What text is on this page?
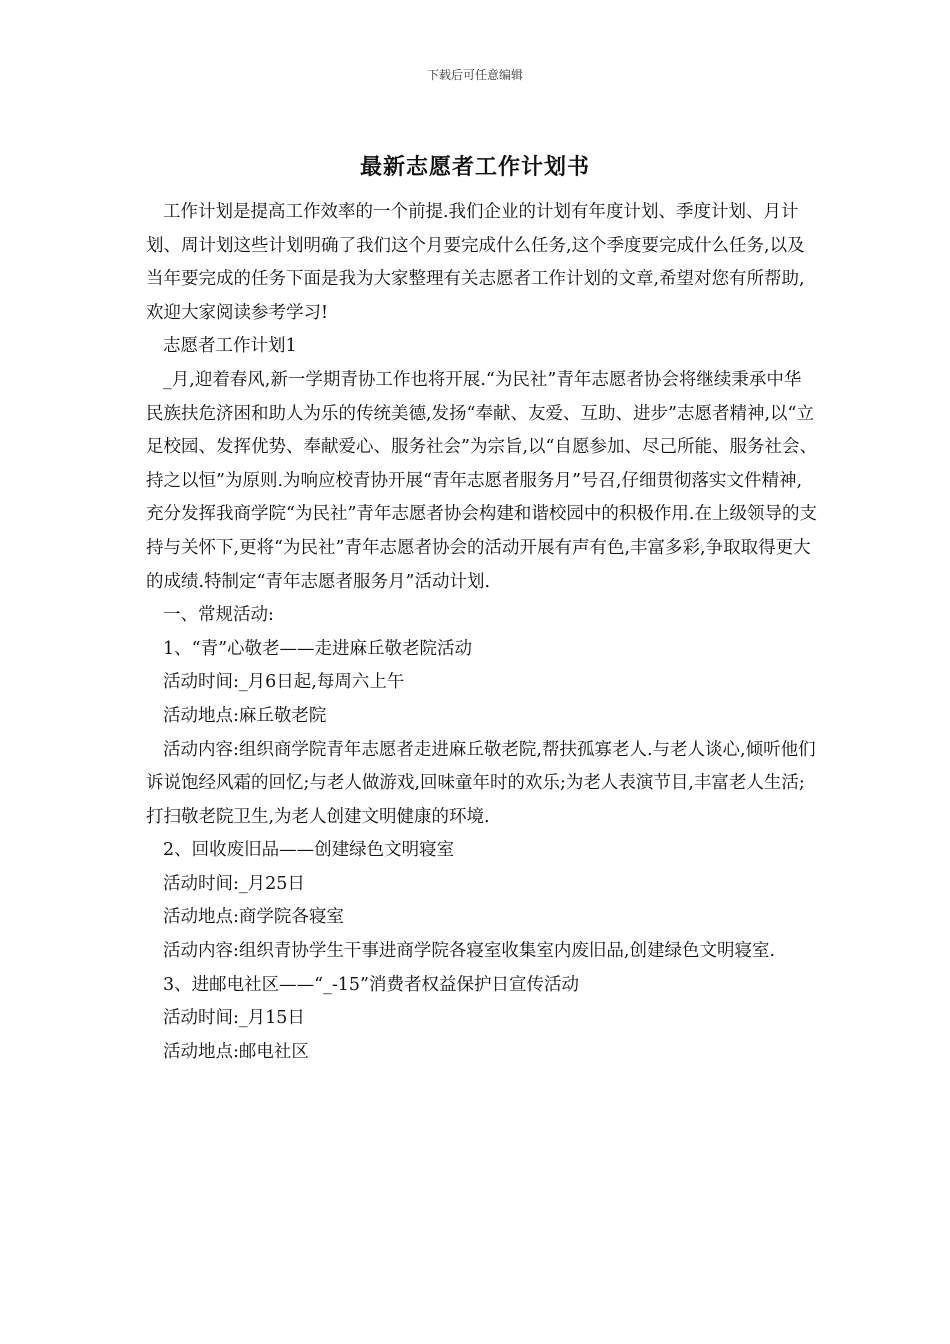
下载后可任意编辑
最新志愿者工作计划书

工作计划是提高工作效率的一个前提.我们企业的计划有年度计划、季度计划、月计划、周计划这些计划明确了我们这个月要完成什么任务,这个季度要完成什么任务,以及当年要完成的任务下面是我为大家整理有关志愿者工作计划的文章,希望对您有所帮助,欢迎大家阅读参考学习!

志愿者工作计划1

_月,迎着春风,新一学期青协工作也将开展.“为民社”青年志愿者协会将继续秉承中华民族扶危济困和助人为乐的传统美德,发扬“奉献、友爱、互助、进步”志愿者精神,以“立足校园、发挥优势、奉献爱心、服务社会”为宗旨,以“自愿参加、尽己所能、服务社会、持之以恒”为原则.为响应校青协开展“青年志愿者服务月”号召,仔细贯彻落实文件精神,充分发挥我商学院“为民社”青年志愿者协会构建和谐校园中的积极作用.在上级领导的支持与关怀下,更将“为民社”青年志愿者协会的活动开展有声有色,丰富多彩,争取取得更大的成绩.特制定“青年志愿者服务月”活动计划.

一、常规活动:

1、“青”心敬老——走进麻丘敬老院活动

活动时间:_月6日起,每周六上午

活动地点:麻丘敬老院

活动内容:组织商学院青年志愿者走进麻丘敬老院,帮扶孤寡老人.与老人谈心,倾听他们诉说饱经风霜的回忆;与老人做游戏,回味童年时的欢乐;为老人表演节目,丰富老人生活;打扫敬老院卫生,为老人创建文明健康的环境.

2、回收废旧品——创建绿色文明寝室

活动时间:_月25日

活动地点:商学院各寝室

活动内容:组织青协学生干事进商学院各寝室收集室内废旧品,创建绿色文明寝室.

3、进邮电社区——“_-15”消费者权益保护日宣传活动

活动时间:_月15日

活动地点:邮电社区
